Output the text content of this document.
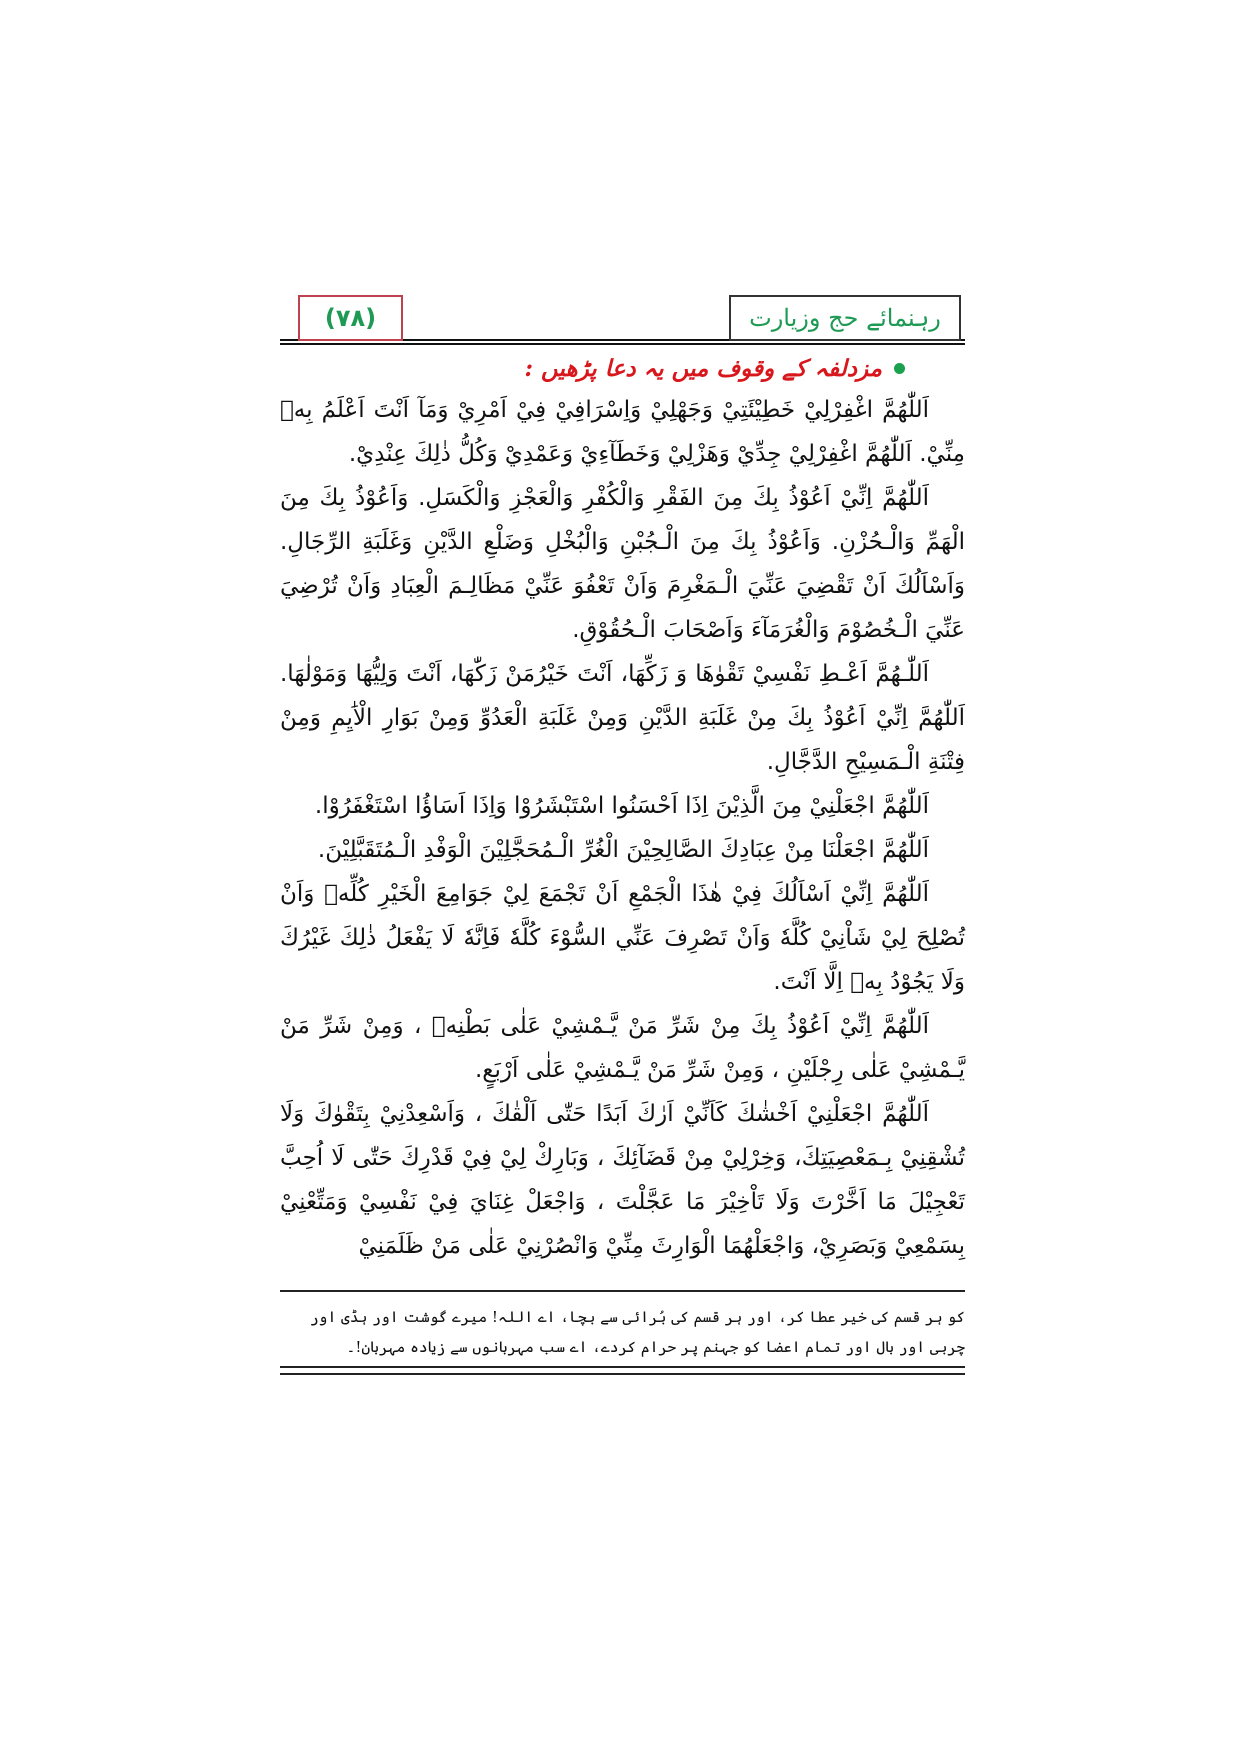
(٧٨)	رہنمائے حج وزیارت
مزدلفہ کے وقوف میں یہ دعا پڑھیں :

اَللّٰهُمَّ اغْفِرْلِيْ خَطِيْئَتِيْ وَجَهْلِيْ وَاِسْرَافِيْ فِيْ اَمْرِيْ وَمَآ اَنْتَ اَعْلَمُ بِهٖ مِنِّيْ. اَللّٰهُمَّ اغْفِرْلِيْ جِدِّيْ وَهَزْلِيْ وَخَطَآءِيْ وَعَمْدِيْ وَكُلُّ ذٰلِكَ عِنْدِيْ.

اَللّٰهُمَّ اِنِّيْ اَعُوْذُ بِكَ مِنَ الفَقْرِ وَالْكُفْرِ وَالْعَجْزِ وَالْكَسَلِ. وَاَعُوْذُ بِكَ مِنَ الْهَمِّ وَالْـحُزْنِ. وَاَعُوْذُ بِكَ مِنَ الْـجُبْنِ وَالْبُخْلِ وَضَلْعِ الدَّيْنِ وَغَلَبَةِ الرِّجَالِ. وَاَسْاَلُكَ اَنْ تَقْضِيَ عَنِّيَ الْـمَغْرِمَ وَاَنْ تَعْفُوَ عَنِّيْ مَظَالِـمَ الْعِبَادِ وَاَنْ تُرْضِيَ عَنِّيَ الْـخُصُوْمَ وَالْغُرَمَآءَ وَاَصْحَابَ الْـحُقُوْقِ.

اَللّٰـهُمَّ اَعْـطِ نَفْسِيْ تَقْوٰهَا وَ زَكِّهَا، اَنْتَ خَيْرُمَنْ زَكّٰهَا، اَنْتَ وَلِيُّهَا وَمَوْلٰهَا. اَللّٰهُمَّ اِنِّيْ اَعُوْذُ بِكَ مِنْ غَلَبَةِ الدَّيْنِ وَمِنْ غَلَبَةِ الْعَدُوِّ وَمِنْ بَوَارِ الْاَٰيِمِ وَمِنْ فِتْنَةِ الْـمَسِيْحِ الدَّجَّالِ.

اَللّٰهُمَّ اجْعَلْنِيْ مِنَ الَّذِيْنَ اِذَا اَحْسَنُوا اسْتَبْشَرُوْا وَاِذَا اَسَاؤُا اسْتَغْفَرُوْا.

اَللّٰهُمَّ اجْعَلْنَا مِنْ عِبَادِكَ الصَّالِحِيْنَ الْغُرِّ الْـمُحَجَّلِيْنَ الْوَفْدِ الْـمُتَقَبَّلِيْنَ.

اَللّٰهُمَّ اِنِّيْ اَسْاَلُكَ فِيْ هٰذَا الْجَمْعِ اَنْ تَجْمَعَ لِيْ جَوَامِعَ الْخَيْرِ كُلِّهٖ وَاَنْ تُصْلِحَ لِيْ شَاْنِيْ كُلَّهٗ وَاَنْ تَصْرِفَ عَنِّي السُّوْءَ كُلَّهٗ فَاِنَّهٗ لَا يَفْعَلُ ذٰلِكَ غَيْرُكَ وَلَا يَجُوْدُ بِهٖ اِلَّا اَنْتَ.

اَللّٰهُمَّ اِنِّيْ اَعُوْذُ بِكَ مِنْ شَرِّ مَنْ يَّـمْشِيْ عَلٰى بَطْنِهٖ ، وَمِنْ شَرِّ مَنْ يَّـمْشِيْ عَلٰى رِجْلَيْنِ ، وَمِنْ شَرِّ مَنْ يَّـمْشِيْ عَلٰى اَرْبَعٍ.

اَللّٰهُمَّ اجْعَلْنِيْ اَخْشٰكَ كَاَنِّيْ اَرٰكَ اَبَدًا حَتّٰى اَلْقٰكَ ، وَاَسْعِدْنِيْ بِتَقْوٰكَ وَلَا تُشْقِنِيْ بِـمَعْصِيَتِكَ، وَخِرْلِيْ مِنْ قَضَآئِكَ ، وَبَارِكْ لِيْ فِيْ قَدْرِكَ حَتّٰى لَا اُحِبَّ تَعْجِيْلَ مَا اَخَّرْتَ وَلَا تَاْخِيْرَ مَا عَجَّلْتَ ، وَاجْعَلْ غِنَايَ فِيْ نَفْسِيْ وَمَتِّعْنِيْ بِسَمْعِيْ وَبَصَرِيْ، وَاجْعَلْهُمَا الْوَارِثَ مِنِّيْ وَانْصُرْنِيْ عَلٰى مَنْ ظَلَمَنِيْ

کو ہر قسم کی خیر عطا کر، اور ہر قسم کی بُرائی سے بچا، اے اللہ! میرے گوشت اور ہڈی اور چربی اور بال اور تمام اعضا کو جہنم پر حرام کردے، اے سب مہربانوں سے زیادہ مہربان!۔
